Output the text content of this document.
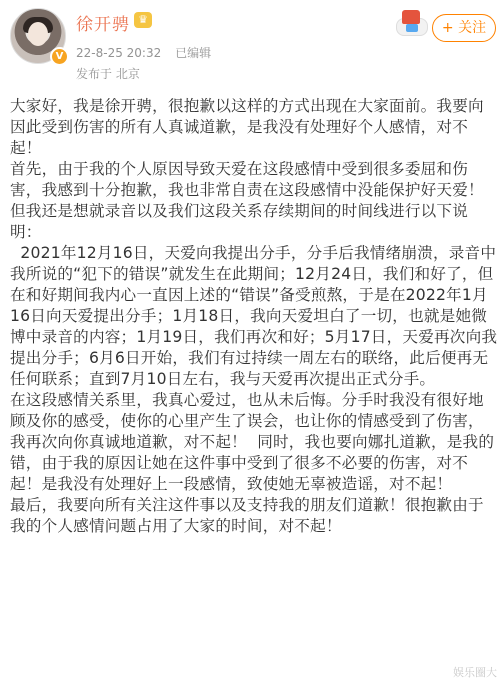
V
徐开骋 ♛
22-8-25 20:32 已编辑
发布于 北京
+ 关注

大家好，我是徐开骋，很抱歉以这样的方式出现在大家面前。我要向因此受到伤害的所有人真诚道歉，是我没有处理好个人感情，对不起！

首先，由于我的个人原因导致天爱在这段感情中受到很多委屈和伤害，我感到十分抱歉，我也非常自责在这段感情中没能保护好天爱！但我还是想就录音以及我们这段关系存续期间的时间线进行以下说明：

2021年12月16日，天爱向我提出分手，分手后我情绪崩溃，录音中我所说的“犯下的错误”就发生在此期间；12月24日，我们和好了，但在和好期间我内心一直因上述的“错误”备受煎熬，于是在2022年1月16日向天爱提出分手；1月18日，我向天爱坦白了一切，也就是她微博中录音的内容；1月19日，我们再次和好；5月17日，天爱再次向我提出分手；6月6日开始，我们有过持续一周左右的联络，此后便再无任何联系；直到7月10日左右，我与天爱再次提出正式分手。

在这段感情关系里，我真心爱过，也从未后悔。分手时我没有很好地顾及你的感受，使你的心里产生了误会，也让你的情感受到了伤害，我再次向你真诚地道歉，对不起！  同时，我也要向娜扎道歉，是我的错，由于我的原因让她在这件事中受到了很多不必要的伤害，对不起！是我没有处理好上一段感情，致使她无辜被造谣，对不起！

最后，我要向所有关注这件事以及支持我的朋友们道歉！很抱歉由于我的个人感情问题占用了大家的时间，对不起！

娱乐圈大
